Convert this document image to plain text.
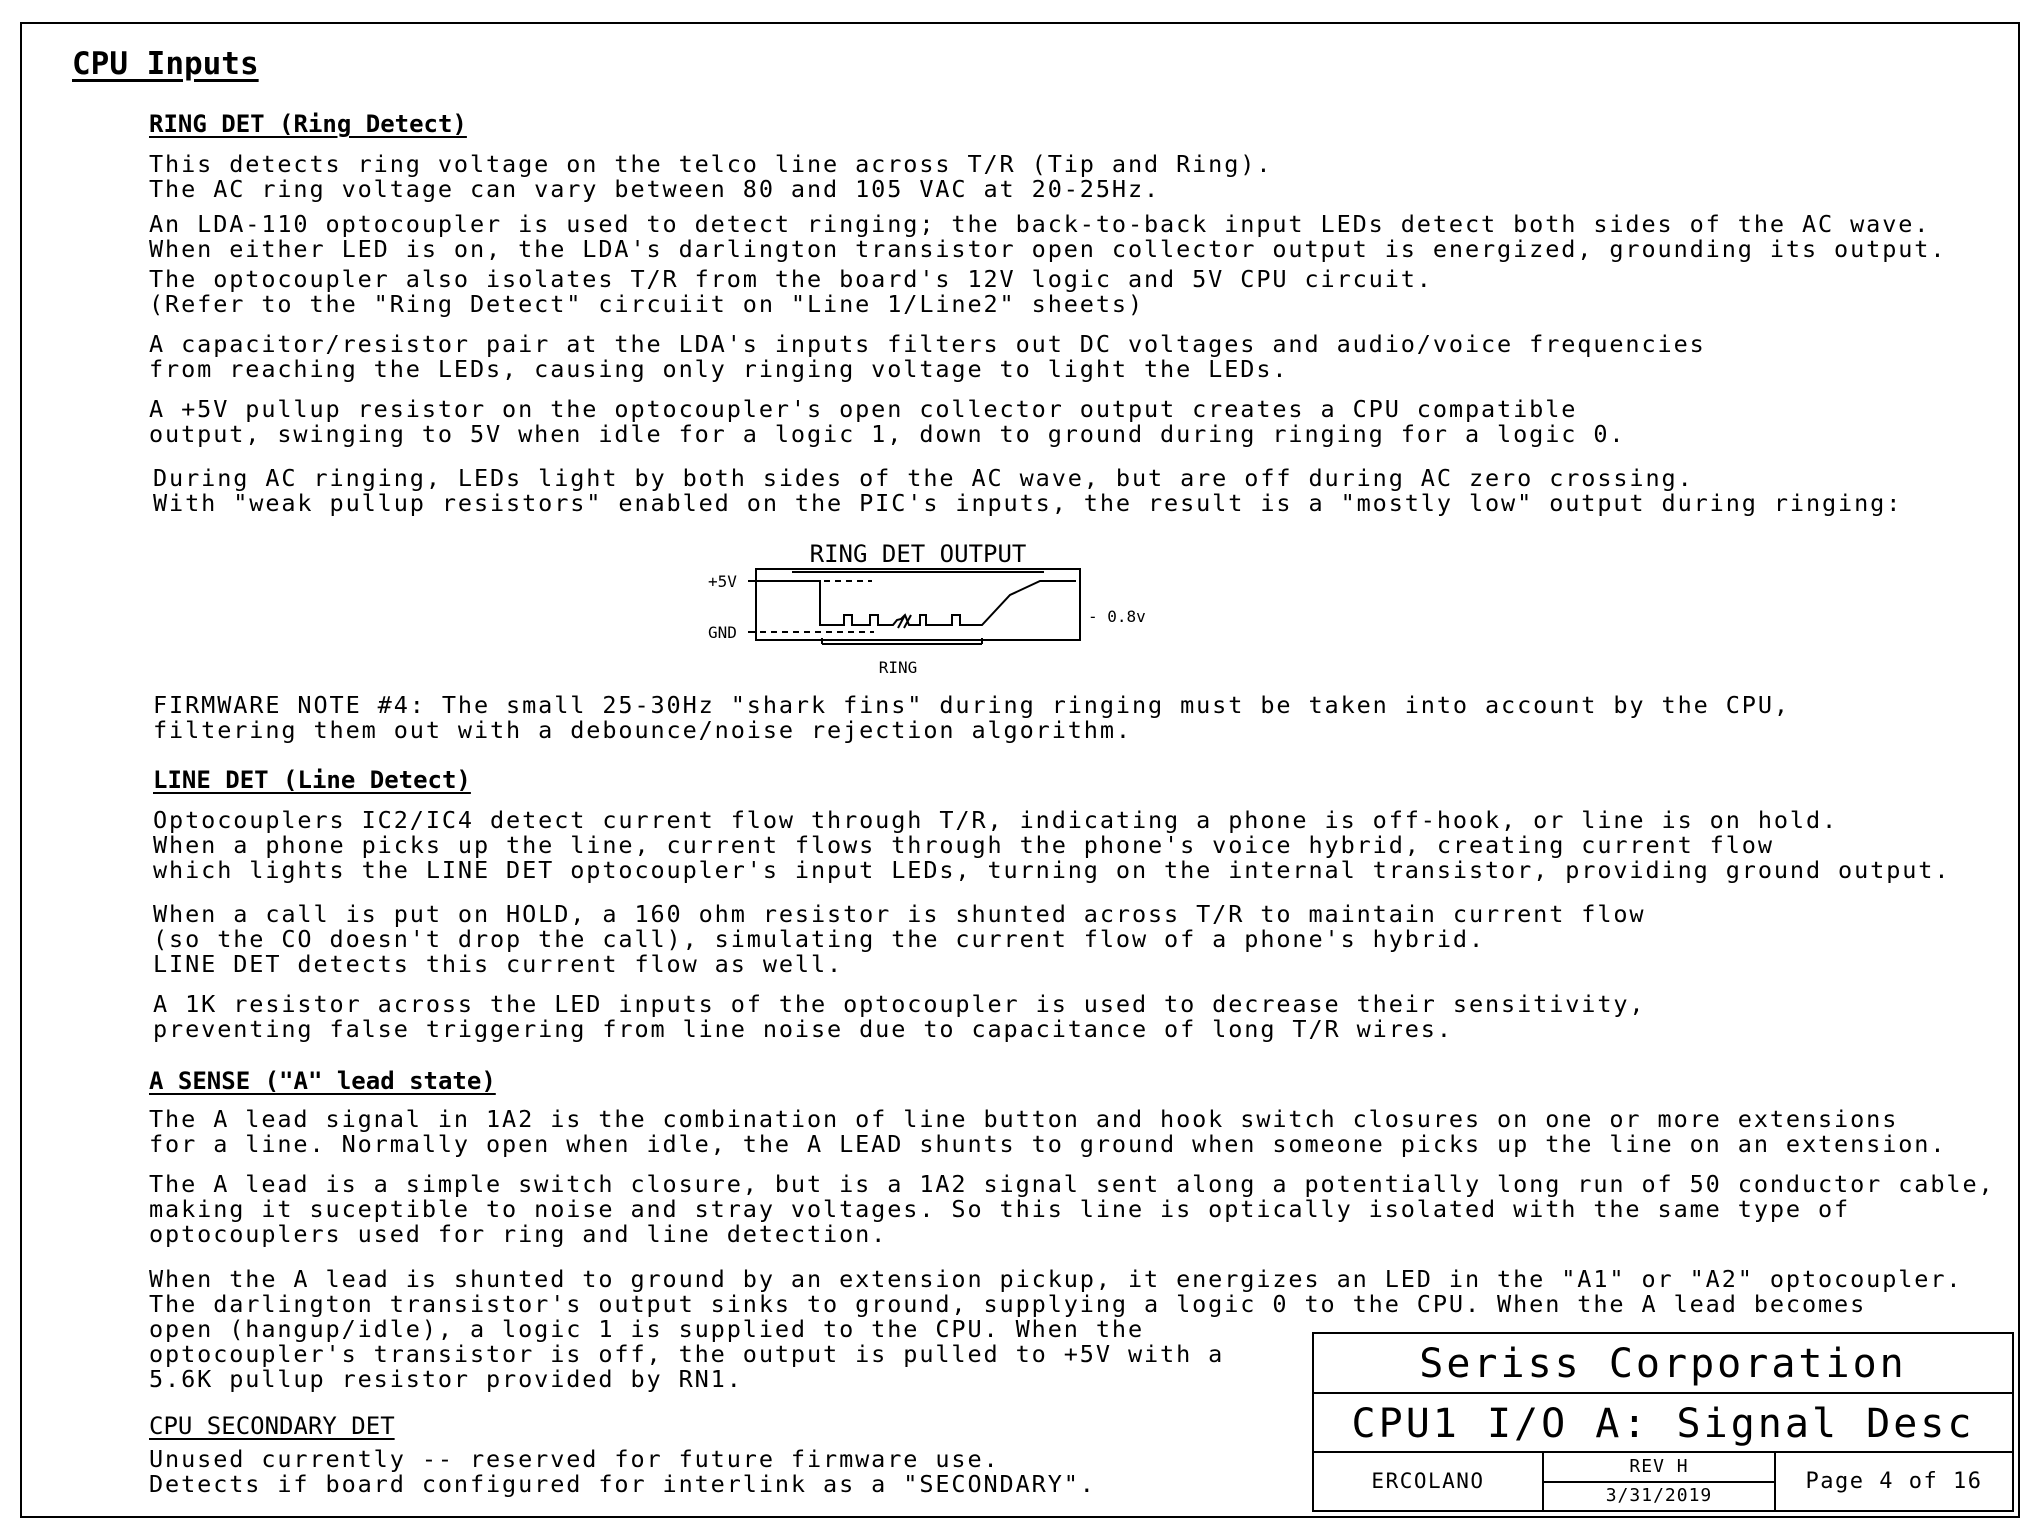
CPU Inputs
RING DET (Ring Detect)
This detects ring voltage on the telco line across T/R (Tip and Ring).
The AC ring voltage can vary between 80 and 105 VAC at 20-25Hz.
An LDA-110 optocoupler is used to detect ringing; the back-to-back input LEDs detect both sides of the AC wave.
When either LED is on, the LDA's darlington transistor open collector output is energized, grounding its output.
The optocoupler also isolates T/R from the board's 12V logic and 5V CPU circuit.
(Refer to the "Ring Detect" circuiit on "Line 1/Line2" sheets)
A capacitor/resistor pair at the LDA's inputs filters out DC voltages and audio/voice frequencies
from reaching the LEDs, causing only ringing voltage to light the LEDs.
A +5V pullup resistor on the optocoupler's open collector output creates a CPU compatible
output, swinging to 5V when idle for a logic 1, down to ground during ringing for a logic 0.
During AC ringing, LEDs light by both sides of the AC wave, but are off during AC zero crossing.
With "weak pullup resistors" enabled on the PIC's inputs, the result is a "mostly low" output during ringing:
RING DET OUTPUT
+5V
GND
- 0.8v
RING
FIRMWARE NOTE #4: The small 25-30Hz "shark fins" during ringing must be taken into account by the CPU,
filtering them out with a debounce/noise rejection algorithm.
LINE DET (Line Detect)
Optocouplers IC2/IC4 detect current flow through T/R, indicating a phone is off-hook, or line is on hold.
When a phone picks up the line, current flows through the phone's voice hybrid, creating current flow
which lights the LINE DET optocoupler's input LEDs, turning on the internal transistor, providing ground output.
When a call is put on HOLD, a 160 ohm resistor is shunted across T/R to maintain current flow
(so the CO doesn't drop the call), simulating the current flow of a phone's hybrid.
LINE DET detects this current flow as well.
A 1K resistor across the LED inputs of the optocoupler is used to decrease their sensitivity,
preventing false triggering from line noise due to capacitance of long T/R wires.
A SENSE ("A" lead state)
The A lead signal in 1A2 is the combination of line button and hook switch closures on one or more extensions
for a line. Normally open when idle, the A LEAD shunts to ground when someone picks up the line on an extension.
The A lead is a simple switch closure, but is a 1A2 signal sent along a potentially long run of 50 conductor cable,
making it suceptible to noise and stray voltages. So this line is optically isolated with the same type of
optocouplers used for ring and line detection.
When the A lead is shunted to ground by an extension pickup, it energizes an LED in the "A1" or "A2" optocoupler.
The darlington transistor's output sinks to ground, supplying a logic 0 to the CPU. When the A lead becomes
open (hangup/idle), a logic 1 is supplied to the CPU. When the
optocoupler's transistor is off, the output is pulled to +5V with a
5.6K pullup resistor provided by RN1.
CPU SECONDARY DET
Unused currently -- reserved for future firmware use.
Detects if board configured for interlink as a "SECONDARY".
Seriss Corporation
CPU1 I/O A: Signal Desc
ERCOLANO
REV H
3/31/2019
Page 4 of 16
